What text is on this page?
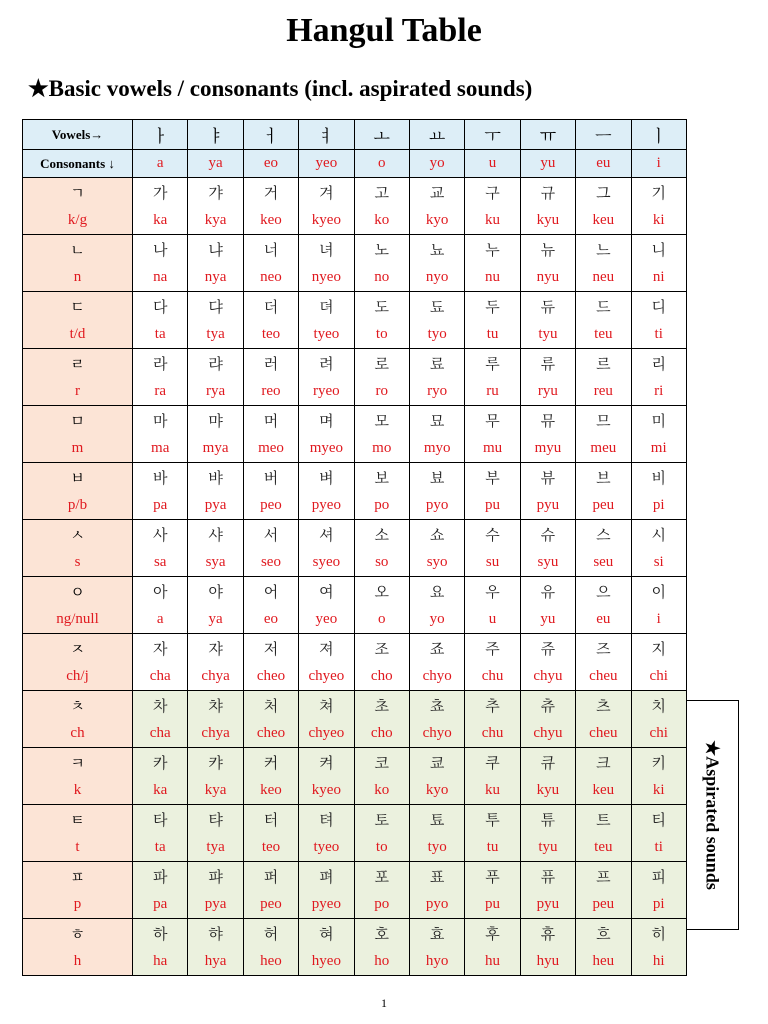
Hangul Table
★Basic vowels / consonants (incl. aspirated sounds)
Vowels→	ㅏ	ㅑ	ㅓ	ㅕ	ㅗ	ㅛ	ㅜ	ㅠ	ㅡ	ㅣ
Consonants ↓	a	ya	eo	yeo	o	yo	u	yu	eu	i
ㄱ	가	갸	거	겨	고	교	구	규	그	기
k/g	ka	kya	keo	kyeo	ko	kyo	ku	kyu	keu	ki
ㄴ	나	냐	너	녀	노	뇨	누	뉴	느	니
n	na	nya	neo	nyeo	no	nyo	nu	nyu	neu	ni
ㄷ	다	댜	더	뎌	도	됴	두	듀	드	디
t/d	ta	tya	teo	tyeo	to	tyo	tu	tyu	teu	ti
ㄹ	라	랴	러	려	로	료	루	류	르	리
r	ra	rya	reo	ryeo	ro	ryo	ru	ryu	reu	ri
ㅁ	마	먀	머	며	모	묘	무	뮤	므	미
m	ma	mya	meo	myeo	mo	myo	mu	myu	meu	mi
ㅂ	바	뱌	버	벼	보	뵤	부	뷰	브	비
p/b	pa	pya	peo	pyeo	po	pyo	pu	pyu	peu	pi
ㅅ	사	샤	서	셔	소	쇼	수	슈	스	시
s	sa	sya	seo	syeo	so	syo	su	syu	seu	si
ㅇ	아	야	어	여	오	요	우	유	으	이
ng/null	a	ya	eo	yeo	o	yo	u	yu	eu	i
ㅈ	자	쟈	저	져	조	죠	주	쥬	즈	지
ch/j	cha	chya	cheo	chyeo	cho	chyo	chu	chyu	cheu	chi
ㅊ	차	챠	처	쳐	초	쵸	추	츄	츠	치
ch	cha	chya	cheo	chyeo	cho	chyo	chu	chyu	cheu	chi
ㅋ	카	캬	커	켜	코	쿄	쿠	큐	크	키
k	ka	kya	keo	kyeo	ko	kyo	ku	kyu	keu	ki
ㅌ	타	탸	터	텨	토	툐	투	튜	트	티
t	ta	tya	teo	tyeo	to	tyo	tu	tyu	teu	ti
ㅍ	파	퍄	퍼	펴	포	표	푸	퓨	프	피
p	pa	pya	peo	pyeo	po	pyo	pu	pyu	peu	pi
ㅎ	하	햐	허	혀	호	효	후	휴	흐	히
h	ha	hya	heo	hyeo	ho	hyo	hu	hyu	heu	hi
★Aspirated sounds
1
